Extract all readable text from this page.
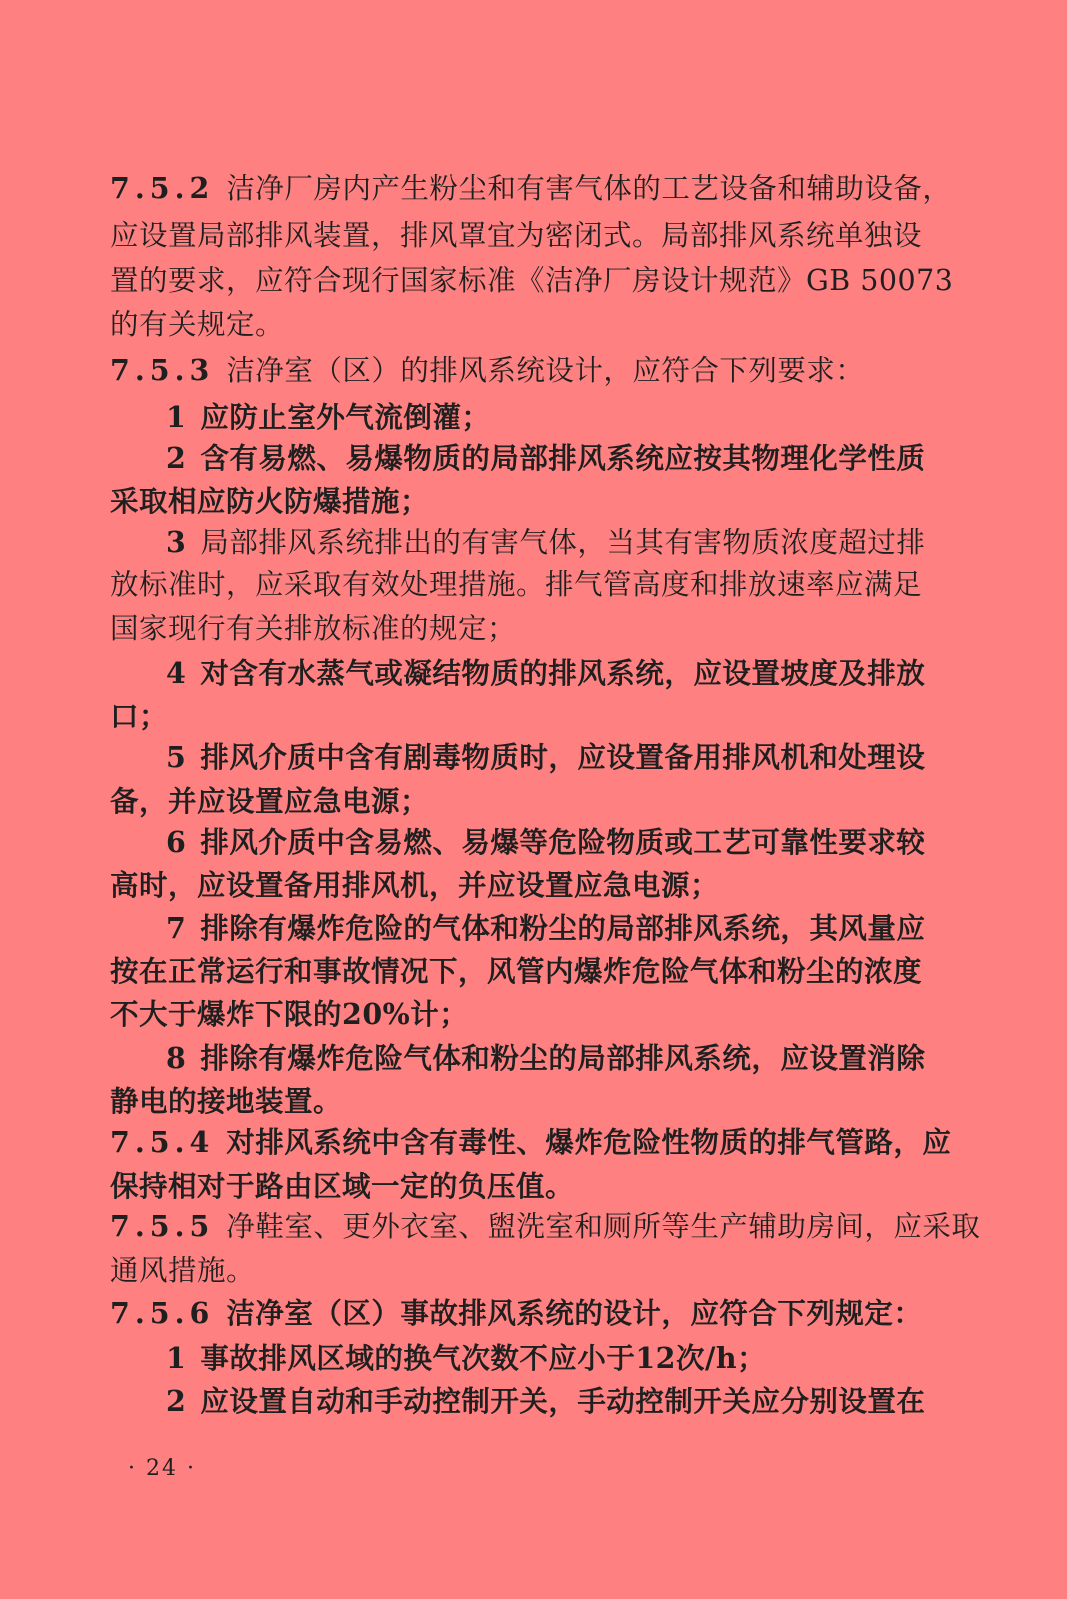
7.5.2 洁净厂房内产生粉尘和有害气体的工艺设备和辅助设备，
应设置局部排风装置，排风罩宜为密闭式。局部排风系统单独设
置的要求，应符合现行国家标准《洁净厂房设计规范》GB 50073
的有关规定。
7.5.3 洁净室（区）的排风系统设计，应符合下列要求：
1 应防止室外气流倒灌；
2 含有易燃、易爆物质的局部排风系统应按其物理化学性质
采取相应防火防爆措施；
3 局部排风系统排出的有害气体，当其有害物质浓度超过排
放标准时，应采取有效处理措施。排气管高度和排放速率应满足
国家现行有关排放标准的规定；
4 对含有水蒸气或凝结物质的排风系统，应设置坡度及排放
口；
5 排风介质中含有剧毒物质时，应设置备用排风机和处理设
备，并应设置应急电源；
6 排风介质中含易燃、易爆等危险物质或工艺可靠性要求较
高时，应设置备用排风机，并应设置应急电源；
7 排除有爆炸危险的气体和粉尘的局部排风系统，其风量应
按在正常运行和事故情况下，风管内爆炸危险气体和粉尘的浓度
不大于爆炸下限的20%计；
8 排除有爆炸危险气体和粉尘的局部排风系统，应设置消除
静电的接地装置。
7.5.4 对排风系统中含有毒性、爆炸危险性物质的排气管路，应
保持相对于路由区域一定的负压值。
7.5.5 净鞋室、更外衣室、盥洗室和厕所等生产辅助房间，应采取
通风措施。
7.5.6 洁净室（区）事故排风系统的设计，应符合下列规定：
1 事故排风区域的换气次数不应小于12次/h；
2 应设置自动和手动控制开关，手动控制开关应分别设置在
· 24 ·
